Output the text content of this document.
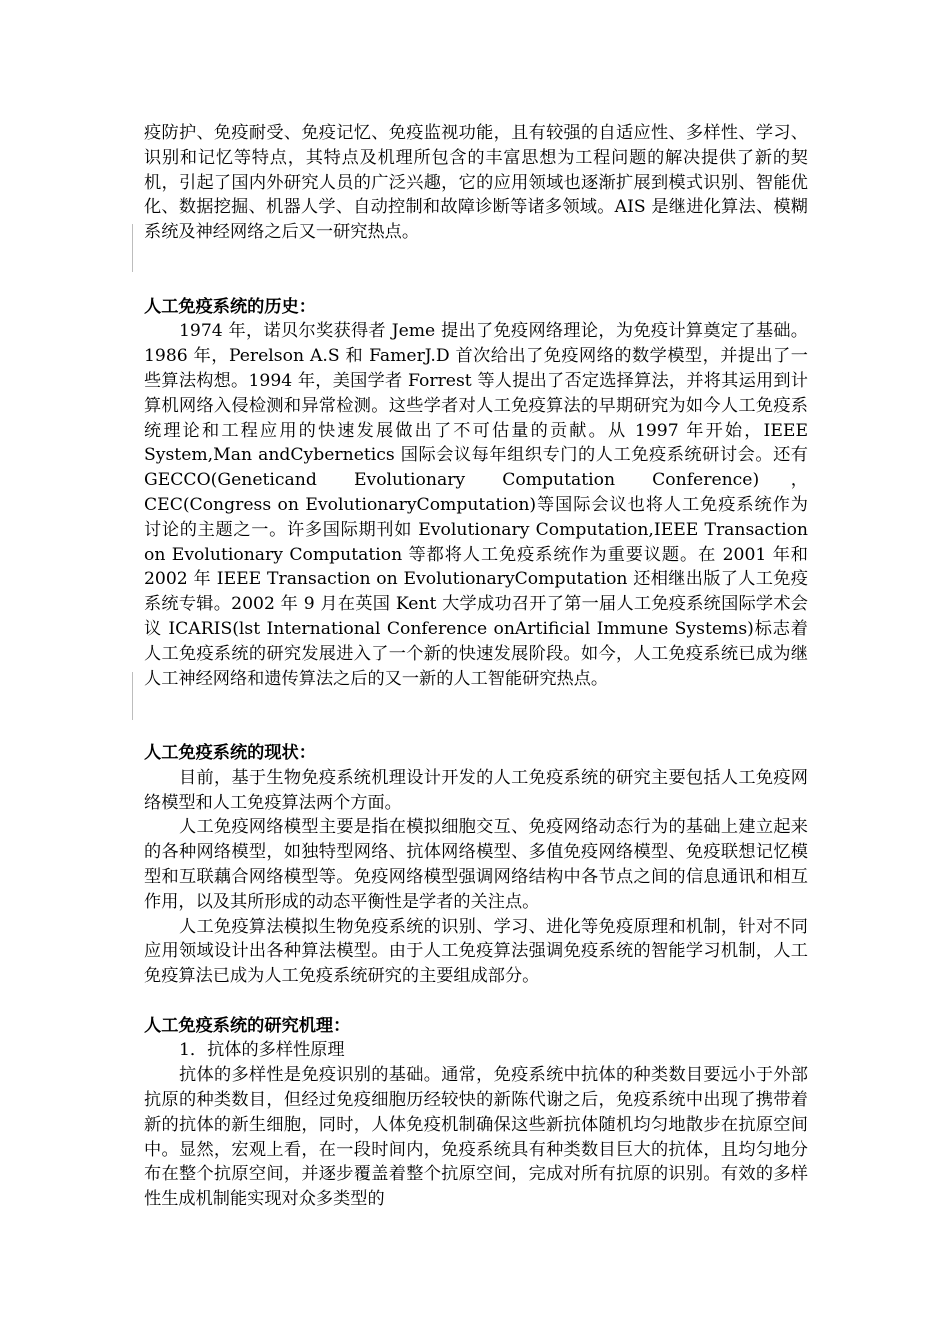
疫防护、免疫耐受、免疫记忆、免疫监视功能，且有较强的自适应性、多样性、学习、识别和记忆等特点，其特点及机理所包含的丰富思想为工程问题的解决提供了新的契机，引起了国内外研究人员的广泛兴趣，它的应用领域也逐渐扩展到模式识别、智能优化、数据挖掘、机器人学、自动控制和故障诊断等诸多领域。AIS 是继进化算法、模糊系统及神经网络之后又一研究热点。

人工免疫系统的历史：

1974 年，诺贝尔奖获得者 Jeme 提出了免疫网络理论，为免疫计算奠定了基础。1986 年，Perelson A.S 和 FamerJ.D 首次给出了免疫网络的数学模型，并提出了一些算法构想。1994 年，美国学者 Forrest 等人提出了否定选择算法，并将其运用到计算机网络入侵检测和异常检测。这些学者对人工免疫算法的早期研究为如今人工免疫系统理论和工程应用的快速发展做出了不可估量的贡献。从 1997 年开始，IEEE System,Man andCybernetics 国际会议每年组织专门的人工免疫系统研讨会。还有 GECCO(Geneticand Evolutionary Computation Conference)，CEC(Congress on EvolutionaryComputation)等国际会议也将人工免疫系统作为讨论的主题之一。许多国际期刊如 Evolutionary Computation,IEEE Transaction on Evolutionary Computation 等都将人工免疫系统作为重要议题。在 2001 年和 2002 年 IEEE Transaction on EvolutionaryComputation 还相继出版了人工免疫系统专辑。2002 年 9 月在英国 Kent 大学成功召开了第一届人工免疫系统国际学术会议 ICARIS(lst International Conference onArtificial Immune Systems)标志着人工免疫系统的研究发展进入了一个新的快速发展阶段。如今，人工免疫系统已成为继人工神经网络和遗传算法之后的又一新的人工智能研究热点。

人工免疫系统的现状：

目前，基于生物免疫系统机理设计开发的人工免疫系统的研究主要包括人工免疫网络模型和人工免疫算法两个方面。

人工免疫网络模型主要是指在模拟细胞交互、免疫网络动态行为的基础上建立起来的各种网络模型，如独特型网络、抗体网络模型、多值免疫网络模型、免疫联想记忆模型和互联藕合网络模型等。免疫网络模型强调网络结构中各节点之间的信息通讯和相互作用，以及其所形成的动态平衡性是学者的关注点。

人工免疫算法模拟生物免疫系统的识别、学习、进化等免疫原理和机制，针对不同应用领域设计出各种算法模型。由于人工免疫算法强调免疫系统的智能学习机制，人工免疫算法已成为人工免疫系统研究的主要组成部分。

人工免疫系统的研究机理：

1．抗体的多样性原理

抗体的多样性是免疫识别的基础。通常，免疫系统中抗体的种类数目要远小于外部抗原的种类数目，但经过免疫细胞历经较快的新陈代谢之后，免疫系统中出现了携带着新的抗体的新生细胞，同时，人体免疫机制确保这些新抗体随机均匀地散步在抗原空间中。显然，宏观上看，在一段时间内，免疫系统具有种类数目巨大的抗体，且均匀地分布在整个抗原空间，并逐步覆盖着整个抗原空间，完成对所有抗原的识别。有效的多样性生成机制能实现对众多类型的
